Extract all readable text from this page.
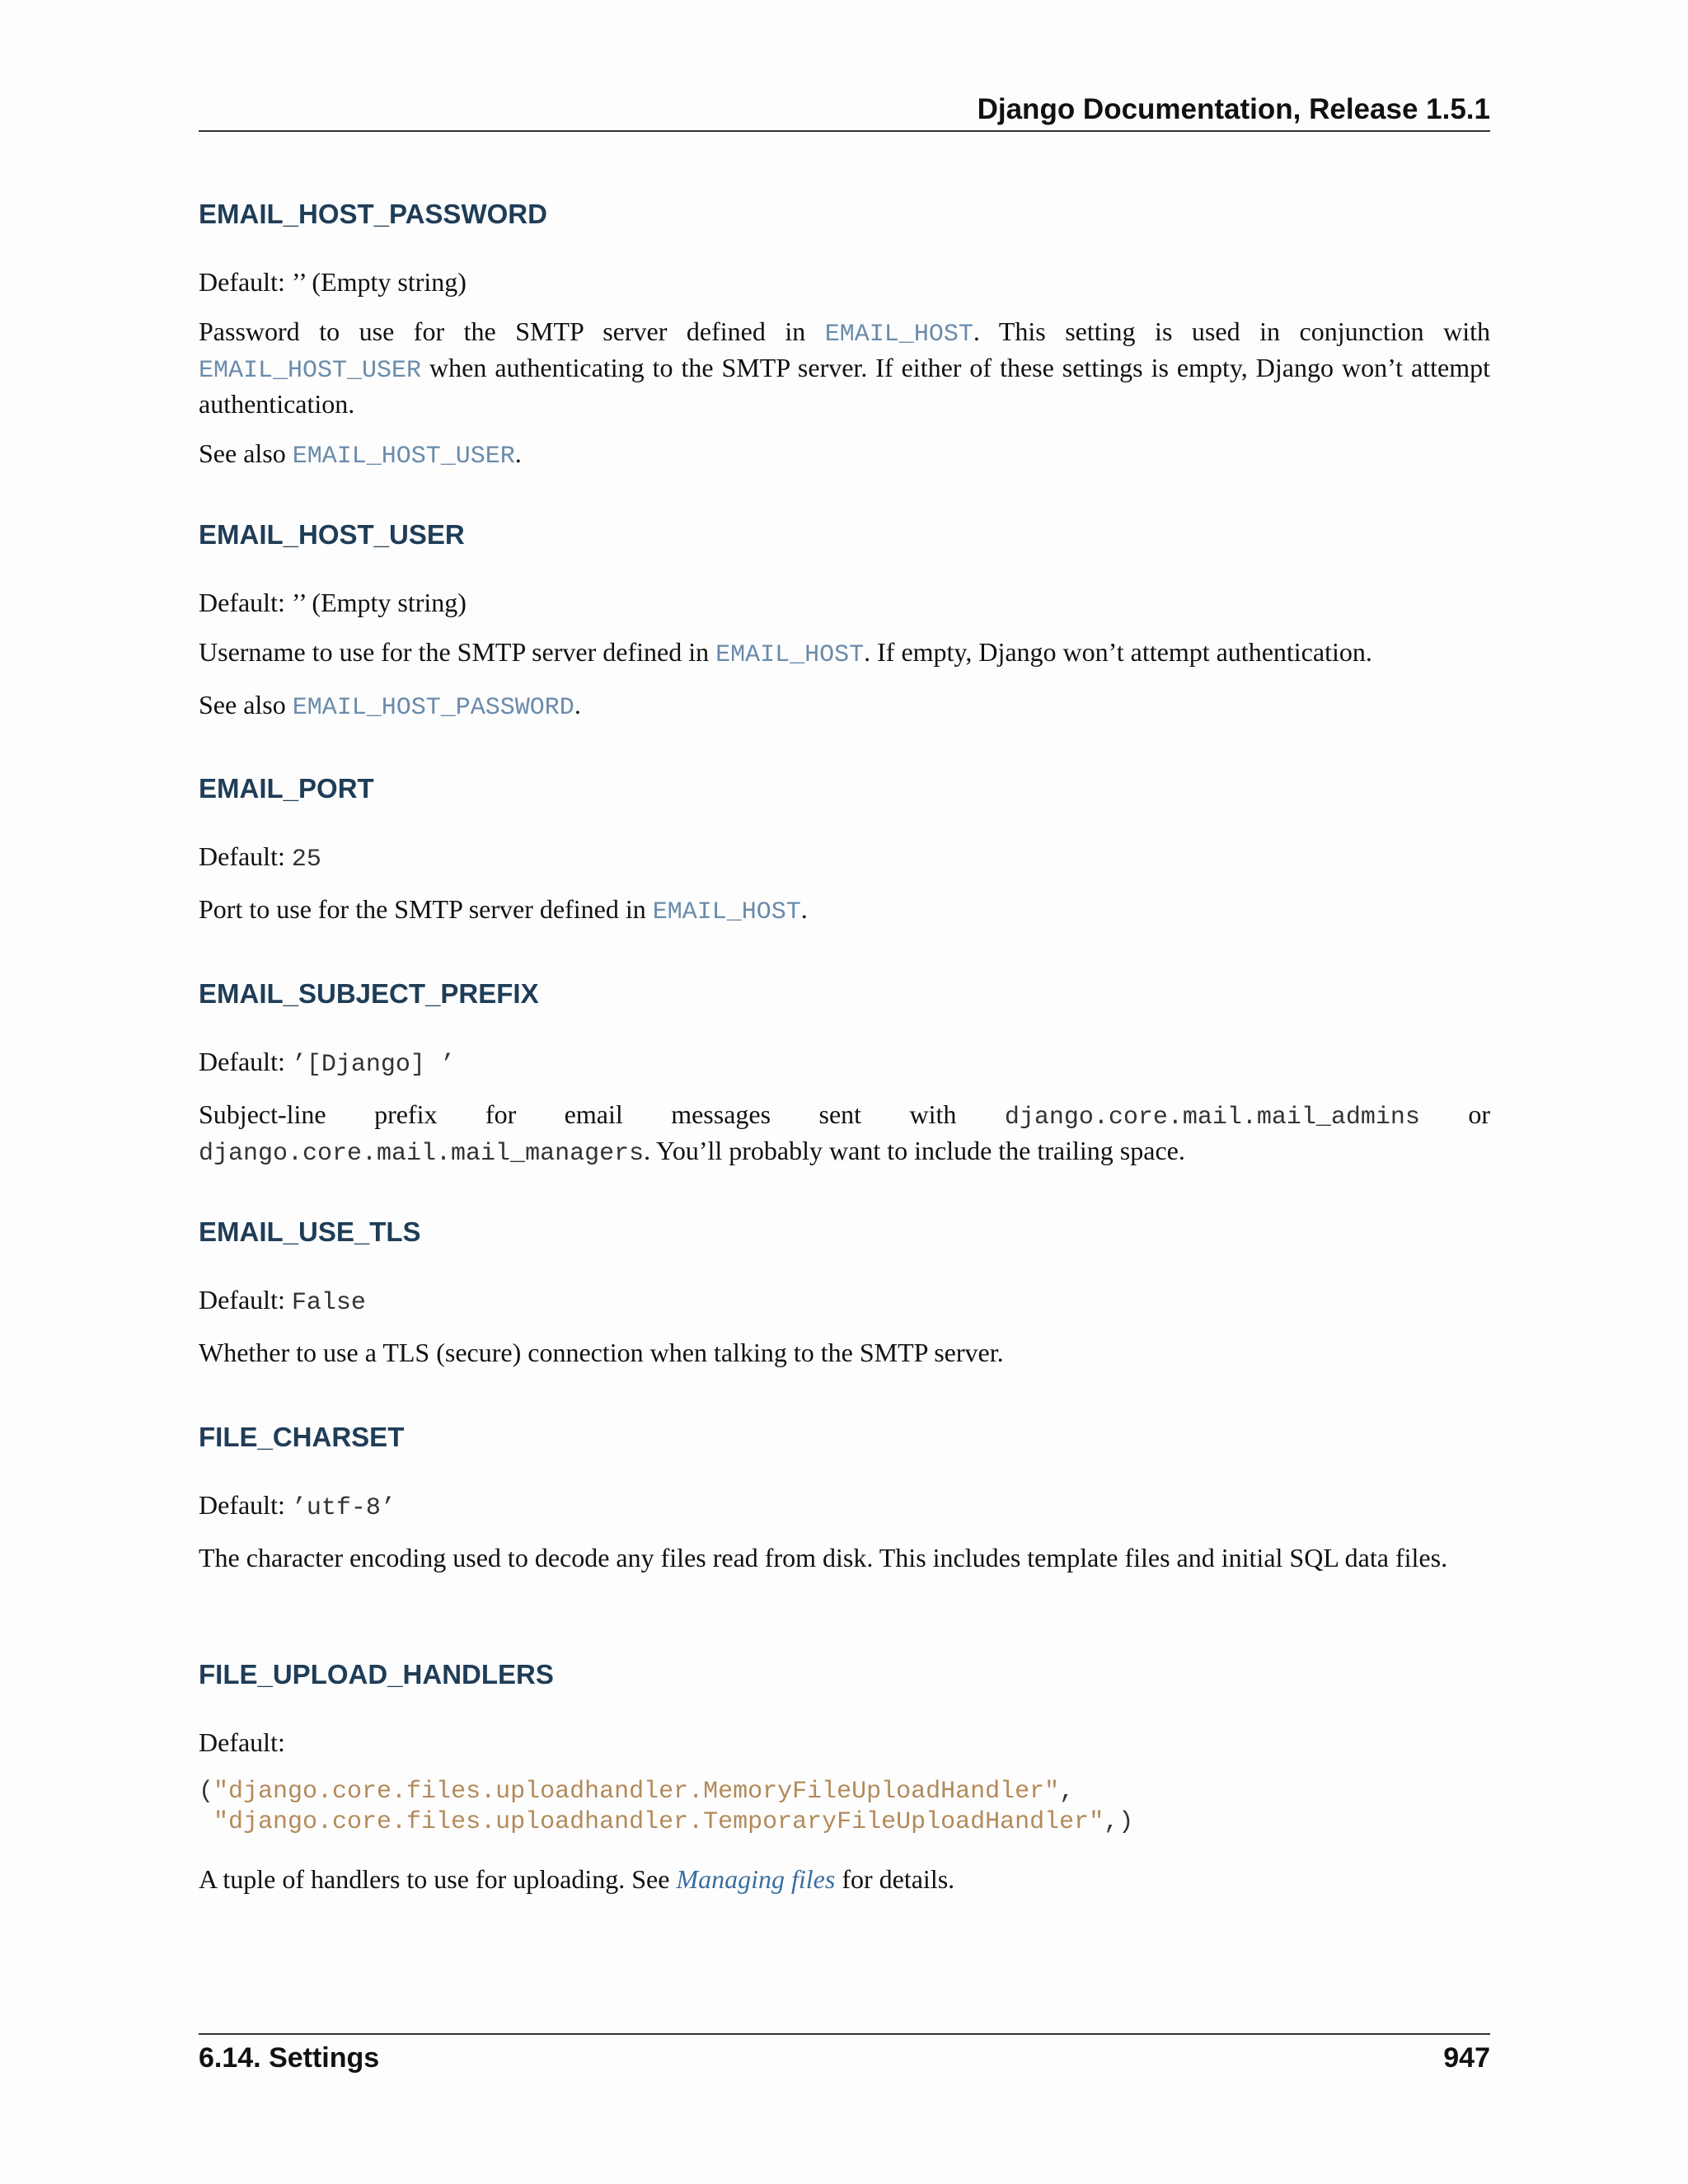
Django Documentation, Release 1.5.1

EMAIL_HOST_PASSWORD

Default: ’’ (Empty string)

Password to use for the SMTP server defined in EMAIL_HOST. This setting is used in conjunction with EMAIL_HOST_USER when authenticating to the SMTP server. If either of these settings is empty, Django won’t attempt authentication.

See also EMAIL_HOST_USER.

EMAIL_HOST_USER

Default: ’’ (Empty string)

Username to use for the SMTP server defined in EMAIL_HOST. If empty, Django won’t attempt authentication.

See also EMAIL_HOST_PASSWORD.

EMAIL_PORT

Default: 25

Port to use for the SMTP server defined in EMAIL_HOST.

EMAIL_SUBJECT_PREFIX

Default: ’[Django] ’

Subject-line prefix for email messages sent with django.core.mail.mail_admins or django.core.mail.mail_managers. You’ll probably want to include the trailing space.

EMAIL_USE_TLS

Default: False

Whether to use a TLS (secure) connection when talking to the SMTP server.

FILE_CHARSET

Default: ’utf-8’

The character encoding used to decode any files read from disk. This includes template files and initial SQL data files.

FILE_UPLOAD_HANDLERS

Default:

("django.core.files.uploadhandler.MemoryFileUploadHandler",
"django.core.files.uploadhandler.TemporaryFileUploadHandler",)

A tuple of handlers to use for uploading. See Managing files for details.

6.14. Settings	947
